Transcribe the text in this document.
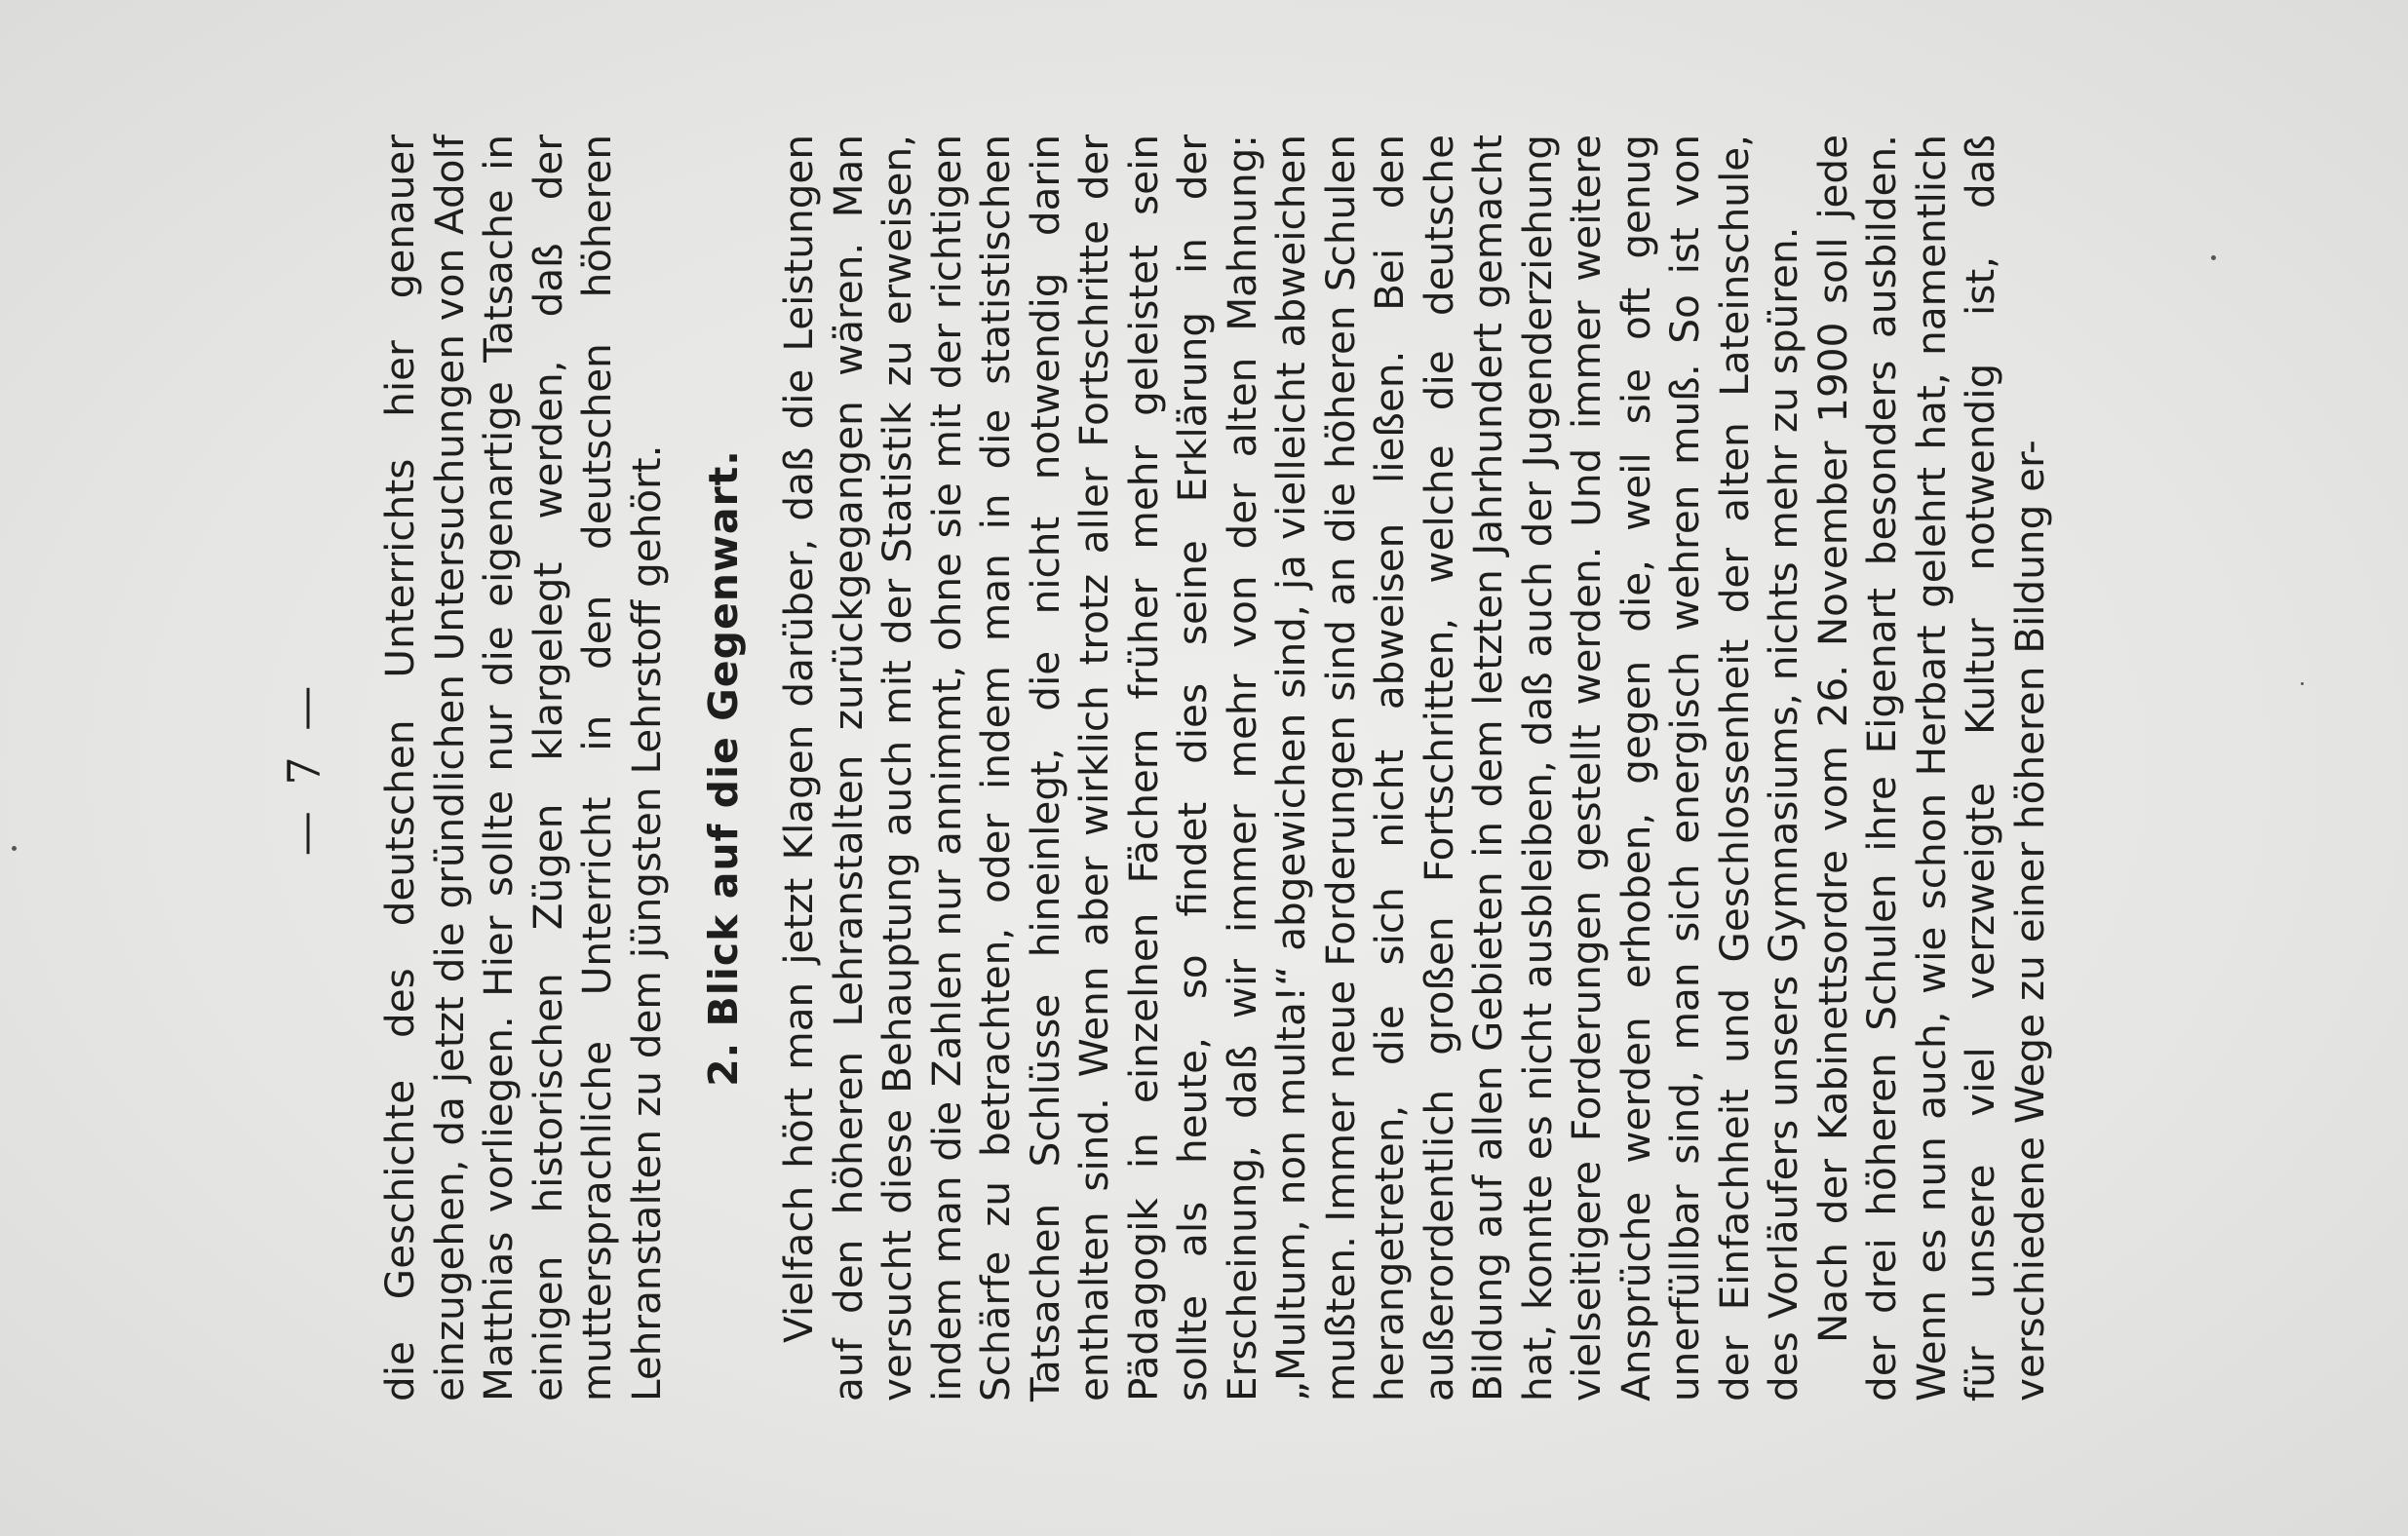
— 7 — die Geschichte des deutschen Unterrichts hier genauer einzugehen, da jetzt die gründlichen Untersuchungen von Adolf Matthias vorliegen. Hier sollte nur die eigenartige Tatsache in einigen historischen Zügen klargelegt werden, daß der muttersprachliche Unterricht in den deutschen höheren Lehranstalten zu dem jüngsten Lehrstoff gehört. 2. Blick auf die Gegenwart. Vielfach hört man jetzt Klagen darüber, daß die Leistungen auf den höheren Lehranstalten zurückgegangen wären. Man versucht diese Behauptung auch mit der Statistik zu erweisen, indem man die Zahlen nur annimmt, ohne sie mit der richtigen Schärfe zu betrachten, oder indem man in die statistischen Tatsachen Schlüsse hineinlegt, die nicht notwendig darin enthalten sind. Wenn aber wirklich trotz aller Fortschritte der Pädagogik in einzelnen Fächern früher mehr geleistet sein sollte als heute, so findet dies seine Erklärung in der Erscheinung, daß wir immer mehr von der alten Mahnung: „Multum, non multa!“ abgewichen sind, ja vielleicht abweichen mußten. Immer neue Forderungen sind an die höheren Schulen herangetreten, die sich nicht abweisen ließen. Bei den außerordentlich großen Fortschritten, welche die deutsche Bildung auf allen Gebieten in dem letzten Jahrhundert gemacht hat, konnte es nicht ausbleiben, daß auch der Jugenderziehung vielseitigere Forderungen gestellt werden. Und immer weitere Ansprüche werden erhoben, gegen die, weil sie oft genug unerfüllbar sind, man sich energisch wehren muß. So ist von der Einfachheit und Geschlossenheit der alten Lateinschule, des Vorläufers unsers Gymnasiums, nichts mehr zu spüren. Nach der Kabinettsordre vom 26. November 1900 soll jede der drei höheren Schulen ihre Eigenart besonders ausbilden. Wenn es nun auch, wie schon Herbart gelehrt hat, namentlich für unsere viel verzweigte Kultur notwendig ist, daß verschiedene Wege zu einer höheren Bildung er-
